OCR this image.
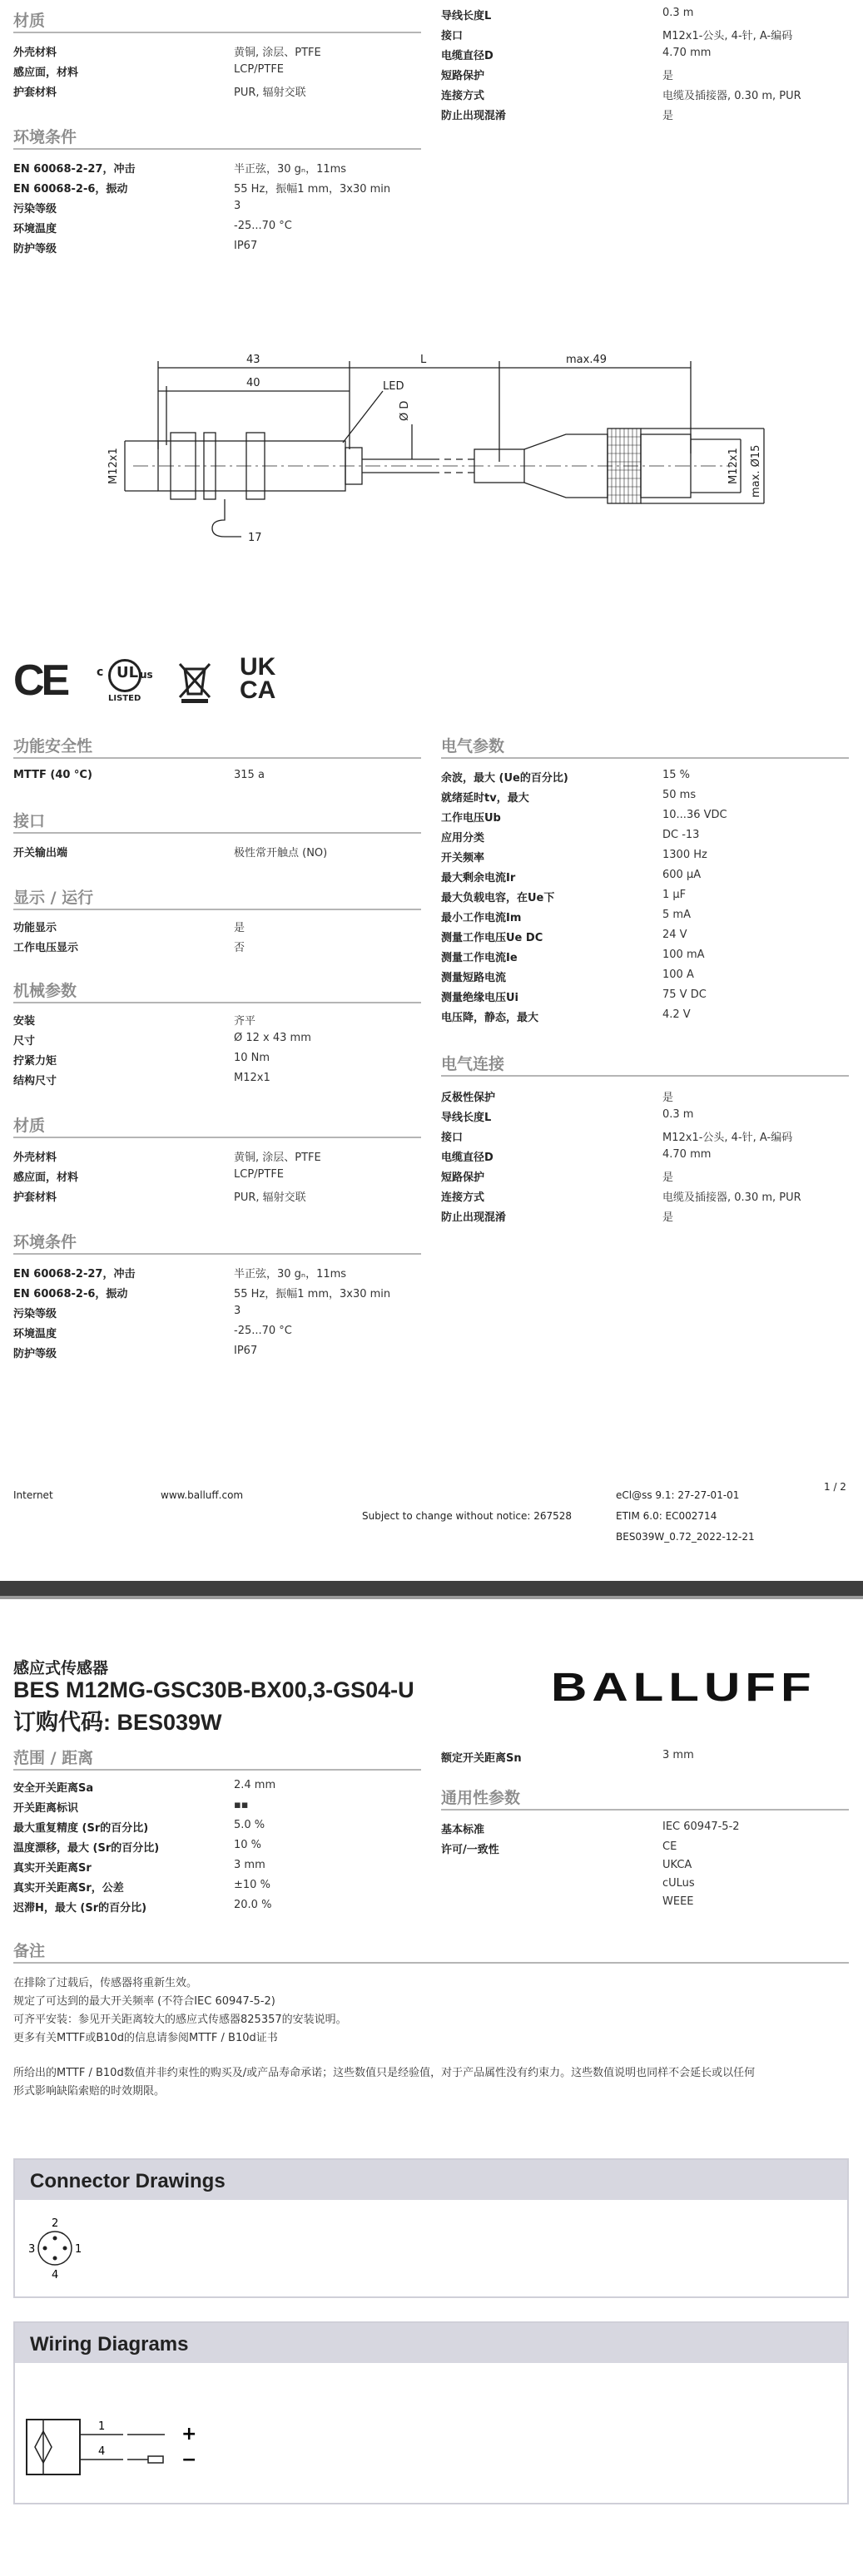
材质
外壳材料	黄铜, 涂层、PTFE
感应面，材料	LCP/PTFE
护套材料	PUR, 辐射交联
环境条件
EN 60068-2-27，冲击	半正弦，30 gₙ，11ms
EN 60068-2-6，振动	55 Hz，振幅1 mm，3x30 min
污染等级	3
环境温度	-25...70 °C
防护等级	IP67
导线长度L	0.3 m
接口	M12x1-公头, 4-针, A-编码
电缆直径D	4.70 mm
短路保护	是
连接方式	电缆及插接器, 0.30 m, PUR
防止出现混淆	是
43
40
L	max.49
LED
Ø D
M12x1	M12x1 max. Ø15
17
CE	UL
c	us
LISTED
UK
CA
功能安全性
MTTF (40 °C)	315 a
接口
开关输出端	极性常开触点 (NO)
显示 / 运行
功能显示	是
工作电压显示	否
机械参数
安装	齐平
尺寸	Ø 12 x 43 mm
拧紧力矩	10 Nm
结构尺寸	M12x1
材质
外壳材料	黄铜, 涂层、PTFE
感应面，材料	LCP/PTFE
护套材料	PUR, 辐射交联
环境条件
EN 60068-2-27，冲击	半正弦，30 gₙ，11ms
EN 60068-2-6，振动	55 Hz，振幅1 mm，3x30 min
污染等级	3
环境温度	-25...70 °C
防护等级	IP67
电气参数
余波，最大 (Ue的百分比)	15 %
就绪延时tv，最大	50 ms
工作电压Ub	10...36 VDC
应用分类	DC -13
开关频率	1300 Hz
最大剩余电流Ir	600 µA
最大负载电容，在Ue下	1 µF
最小工作电流Im	5 mA
测量工作电压Ue DC	24 V
测量工作电流Ie	100 mA
测量短路电流	100 A
测量绝缘电压Ui	75 V DC
电压降，静态，最大	4.2 V
电气连接
反极性保护	是
导线长度L	0.3 m
接口	M12x1-公头, 4-针, A-编码
电缆直径D	4.70 mm
短路保护	是
连接方式	电缆及插接器, 0.30 m, PUR
防止出现混淆	是
Internet	www.balluff.com
Subject to change without notice: 267528
eCl@ss 9.1: 27-27-01-01
ETIM 6.0: EC002714
BES039W_0.72_2022-12-21
1 / 2
感应式传感器
BES M12MG-GSC30B-BX00,3-GS04-U
订购代码: BES039W
BALLUFF
范围 / 距离
安全开关距离Sa	2.4 mm
开关距离标识	▪▪
最大重复精度 (Sr的百分比)	5.0 %
温度漂移，最大 (Sr的百分比)	10 %
真实开关距离Sr	3 mm
真实开关距离Sr，公差	±10 %
迟滞H，最大 (Sr的百分比)	20.0 %
额定开关距离Sn	3 mm
通用性参数
基本标准	IEC 60947-5-2
许可/一致性	CE
UKCA
cULus
WEEE
备注
在排除了过载后，传感器将重新生效。
规定了可达到的最大开关频率 (不符合IEC 60947-5-2)
可齐平安装：参见开关距离较大的感应式传感器825357的安装说明。
更多有关MTTF或B10d的信息请参阅MTTF / B10d证书
所给出的MTTF / B10d数值并非约束性的购买及/或产品寿命承诺；这些数值只是经验值，对于产品属性没有约束力。这些数值说明也同样不会延长或以任何
形式影响缺陷索赔的时效期限。
Connector Drawings
2
1
3
4
Wiring Diagrams
1
4
+
−
